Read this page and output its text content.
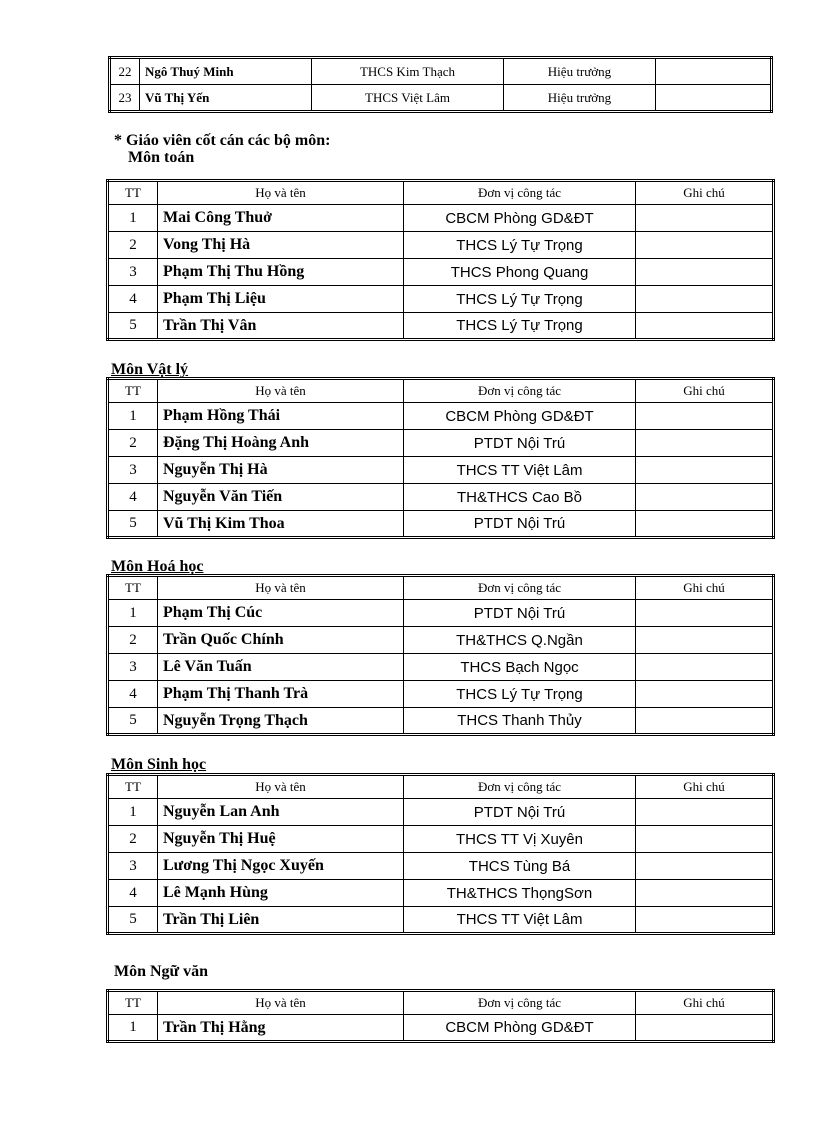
22	Ngô Thuý Minh	THCS Kim Thạch	Hiệu trưởng	
23	Vũ Thị Yến	THCS Việt Lâm	Hiệu trưởng	
* Giáo viên cốt cán các bộ môn:
Môn toán
Môn Vật lý
Môn Hoá học
Môn Sinh học
Môn Ngữ văn
TT	Họ và tên	Đơn vị công tác	Ghi chú
1	Mai Công Thuở	CBCM Phòng GD&ĐT	
2	Vong Thị Hà	THCS Lý Tự Trọng	
3	Phạm Thị Thu Hồng	THCS Phong Quang	
4	Phạm Thị Liệu	THCS Lý Tự Trọng	
5	Trần Thị Vân	THCS Lý Tự Trọng	
TT	Họ và tên	Đơn vị công tác	Ghi chú
1	Phạm Hồng Thái	CBCM Phòng GD&ĐT	
2	Đặng Thị Hoàng Anh	PTDT Nội Trú	
3	Nguyễn Thị Hà	THCS TT Việt Lâm	
4	Nguyễn Văn Tiến	TH&THCS Cao Bồ	
5	Vũ Thị Kim Thoa	PTDT Nội Trú	
TT	Họ và tên	Đơn vị công tác	Ghi chú
1	Phạm Thị Cúc	PTDT Nội Trú	
2	Trần Quốc Chính	TH&THCS Q.Ngần	
3	Lê Văn Tuấn	THCS Bạch Ngọc	
4	Phạm Thị Thanh Trà	THCS Lý Tự Trọng	
5	Nguyễn Trọng Thạch	THCS Thanh Thủy	
TT	Họ và tên	Đơn vị công tác	Ghi chú
1	Nguyễn Lan Anh	PTDT Nội Trú	
2	Nguyễn Thị Huệ	THCS TT Vị Xuyên	
3	Lương Thị Ngọc Xuyến	THCS Tùng Bá	
4	Lê Mạnh Hùng	TH&THCS ThọngSơn	
5	Trần Thị Liên	THCS TT Việt Lâm	
TT	Họ và tên	Đơn vị công tác	Ghi chú
1	Trần Thị Hằng	CBCM Phòng GD&ĐT	
